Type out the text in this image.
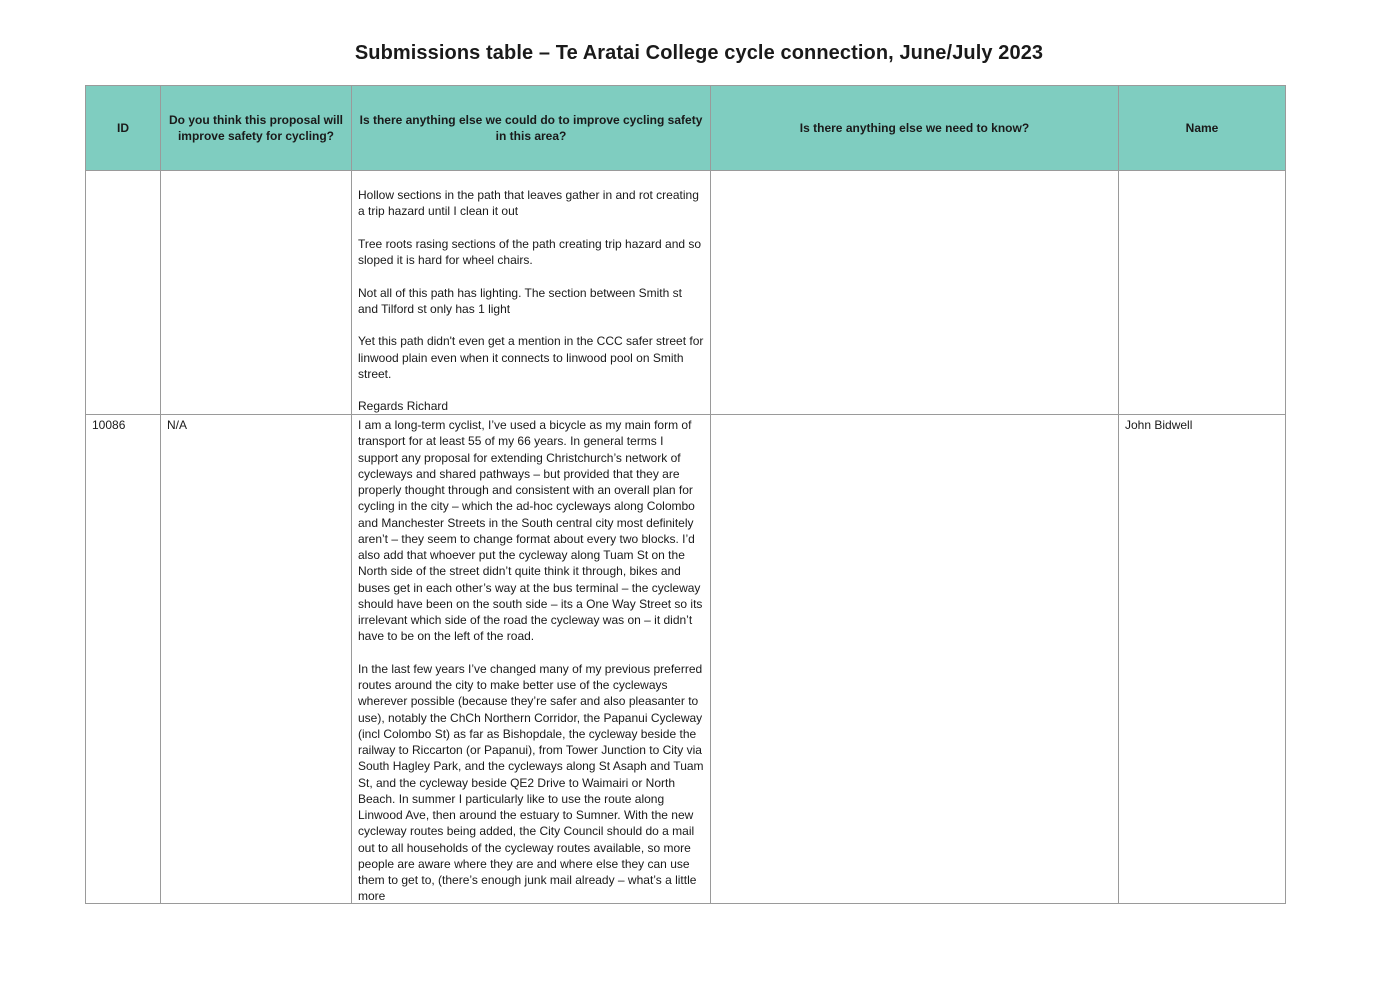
Submissions table – Te Aratai College cycle connection, June/July 2023
ID	Do you think this proposal will improve safety for cycling?	Is there anything else we could do to improve cycling safety in this area?	Is there anything else we need to know?	Name

		Hollow sections in the path that leaves gather in and rot creating a trip hazard until I clean it out

Tree roots rasing sections of the path creating trip hazard and so sloped it is hard for wheel chairs.

Not all of this path has lighting. The section between Smith st and Tilford st only has 1 light

Yet this path didn't even get a mention in the CCC safer street for linwood plain even when it connects to linwood pool on Smith street.

Regards Richard		

10086	N/A	I am a long-term cyclist, I’ve used a bicycle as my main form of transport for at least 55 of my 66 years. In general terms I support any proposal for extending Christchurch’s network of cycleways and shared pathways – but provided that they are properly thought through and consistent with an overall plan for cycling in the city – which the ad-hoc cycleways along Colombo and Manchester Streets in the South central city most definitely aren’t – they seem to change format about every two blocks. I’d also add that whoever put the cycleway along Tuam St on the North side of the street didn’t quite think it through, bikes and buses get in each other’s way at the bus terminal – the cycleway should have been on the south side – its a One Way Street so its irrelevant which side of the road the cycleway was on – it didn’t have to be on the left of the road.

In the last few years I’ve changed many of my previous preferred routes around the city to make better use of the cycleways wherever possible (because they’re safer and also pleasanter to use), notably the ChCh Northern Corridor, the Papanui Cycleway (incl Colombo St) as far as Bishopdale, the cycleway beside the railway to Riccarton (or Papanui), from Tower Junction to City via South Hagley Park, and the cycleways along St Asaph and Tuam St, and the cycleway beside QE2 Drive to Waimairi or North Beach. In summer I particularly like to use the route along Linwood Ave, then around the estuary to Sumner. With the new cycleway routes being added, the City Council should do a mail out to all households of the cycleway routes available, so more people are aware where they are and where else they can use them to get to, (there’s enough junk mail already – what’s a little more		John Bidwell
